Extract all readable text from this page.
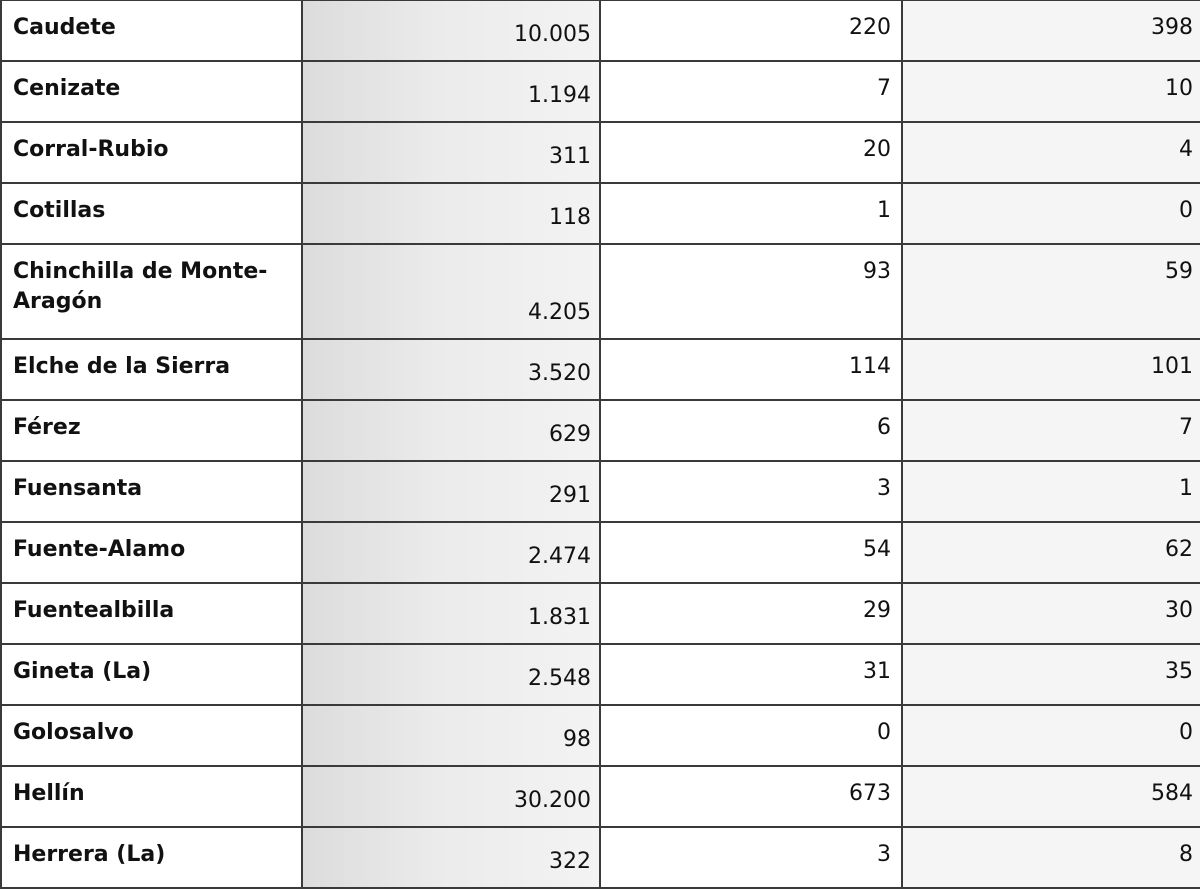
Caudete	10.005	220	398
Cenizate	1.194	7	10
Corral-Rubio	311	20	4
Cotillas	118	1	0
Chinchilla de Monte-Aragón	4.205	93	59
Elche de la Sierra	3.520	114	101
Férez	629	6	7
Fuensanta	291	3	1
Fuente-Alamo	2.474	54	62
Fuentealbilla	1.831	29	30
Gineta (La)	2.548	31	35
Golosalvo	98	0	0
Hellín	30.200	673	584
Herrera (La)	322	3	8
